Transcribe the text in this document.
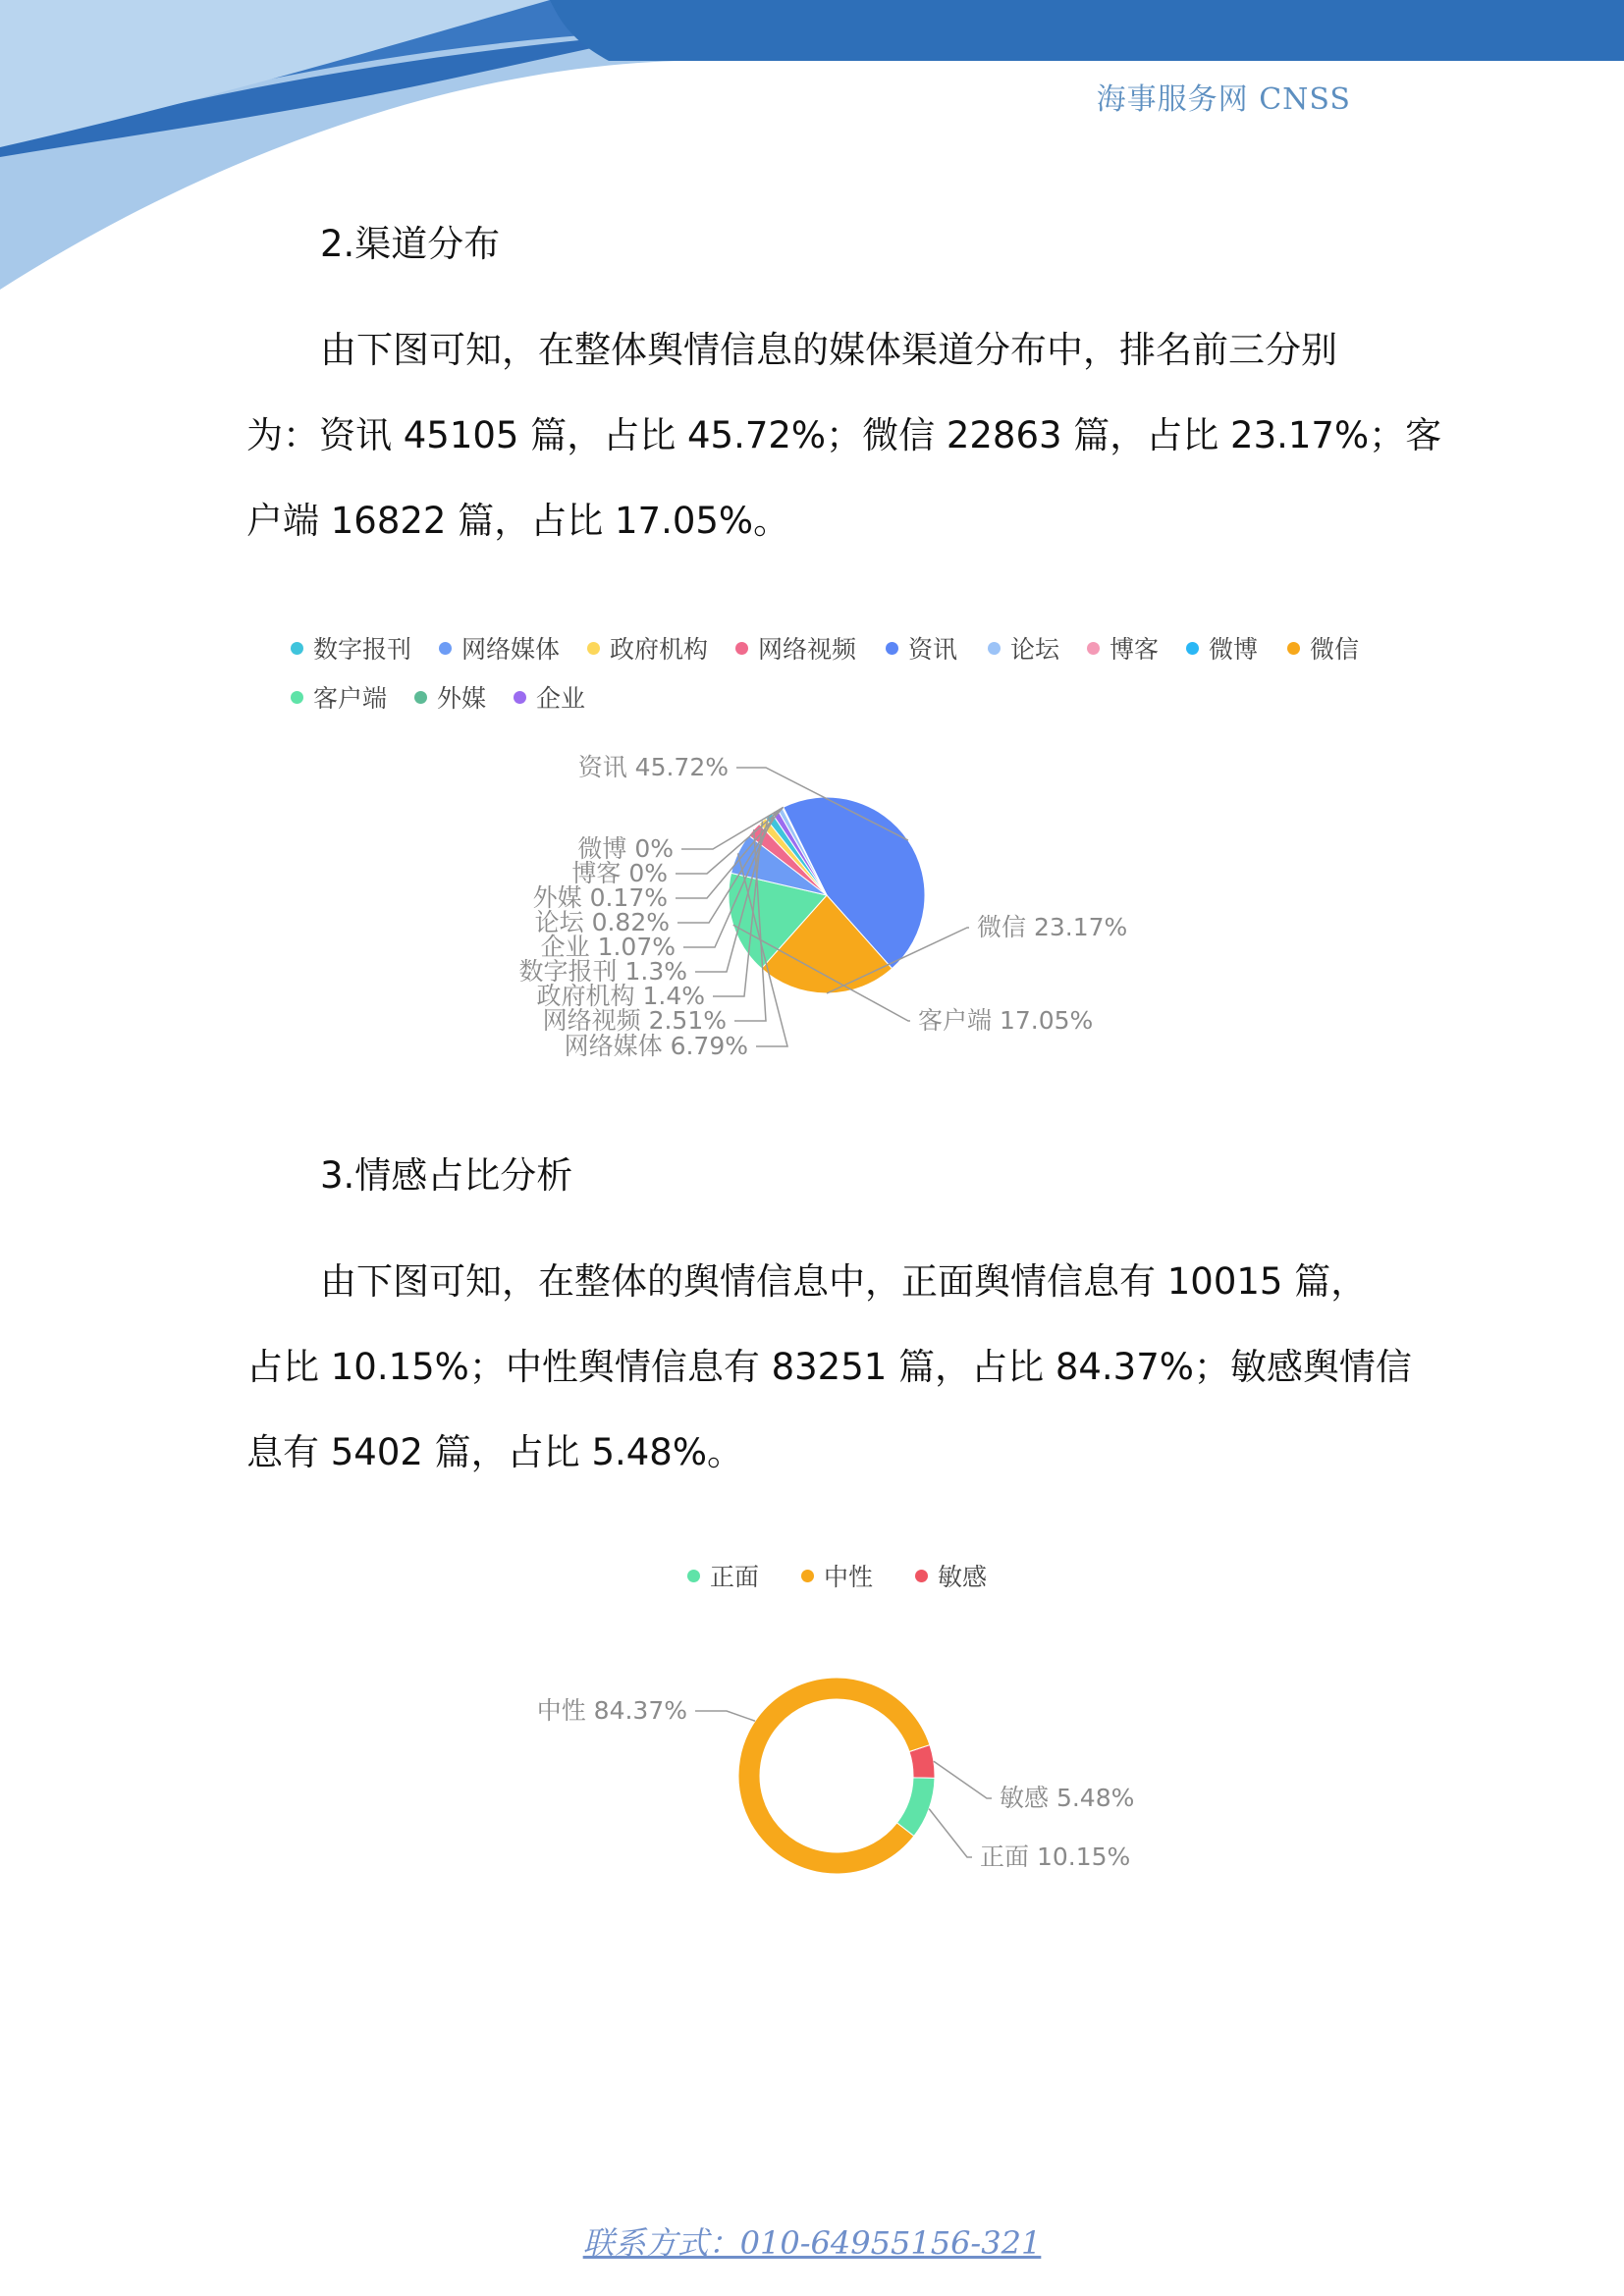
海事服务网 CNSS
2.渠道分布
由下图可知，在整体舆情信息的媒体渠道分布中，排名前三分别
为：资讯 45105 篇，占比 45.72%；微信 22863 篇，占比 23.17%；客
户端 16822 篇，占比 17.05%。
数字报刊 网络媒体 政府机构 网络视频 资讯 论坛 博客 微博 微信
客户端 外媒 企业
资讯 45.72%
微信 23.17%
客户端 17.05%
网络媒体 6.79%
网络视频 2.51%
政府机构 1.4%
数字报刊 1.3%
企业 1.07%
论坛 0.82%
外媒 0.17%
博客 0%
微博 0%
3.情感占比分析
由下图可知，在整体的舆情信息中，正面舆情信息有 10015 篇，
占比 10.15%；中性舆情信息有 83251 篇，占比 84.37%；敏感舆情信
息有 5402 篇，占比 5.48%。
正面	中性	敏感
敏感 5.48%
正面 10.15%
中性 84.37%
联系方式：010-64955156-321
